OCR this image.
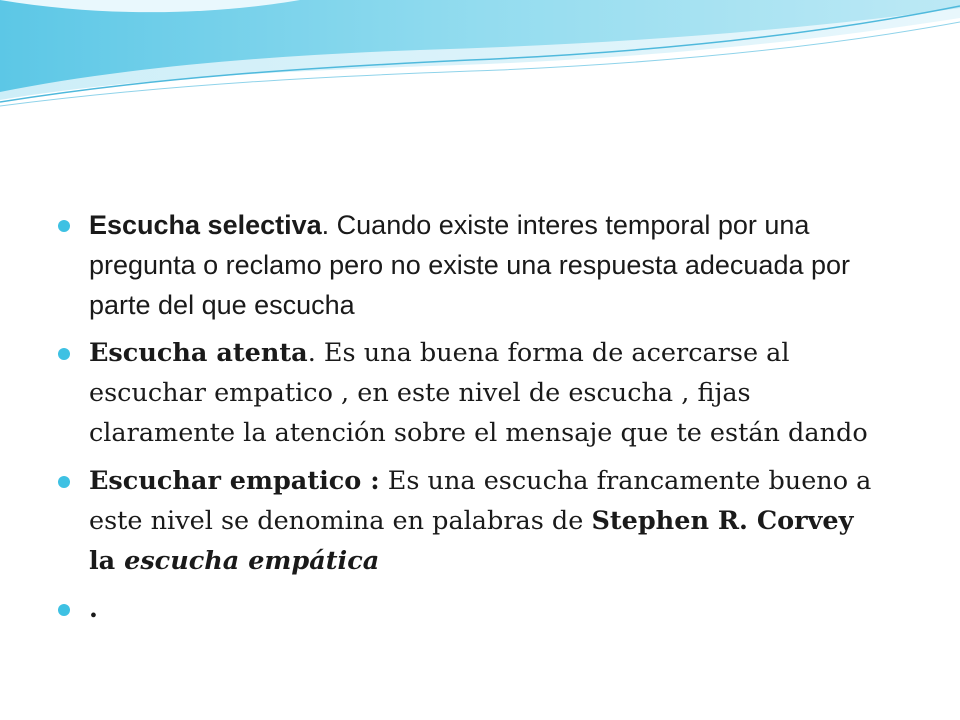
Escucha selectiva. Cuando existe interes temporal por una pregunta o reclamo pero no existe una respuesta adecuada por parte del que escucha
Escucha atenta. Es una buena forma de acercarse al escuchar empatico , en este nivel de escucha , fijas claramente la atención sobre el mensaje que te están dando
Escuchar empatico : Es una escucha francamente bueno a este nivel se denomina en palabras de Stephen R. Corvey la escucha empática
.
